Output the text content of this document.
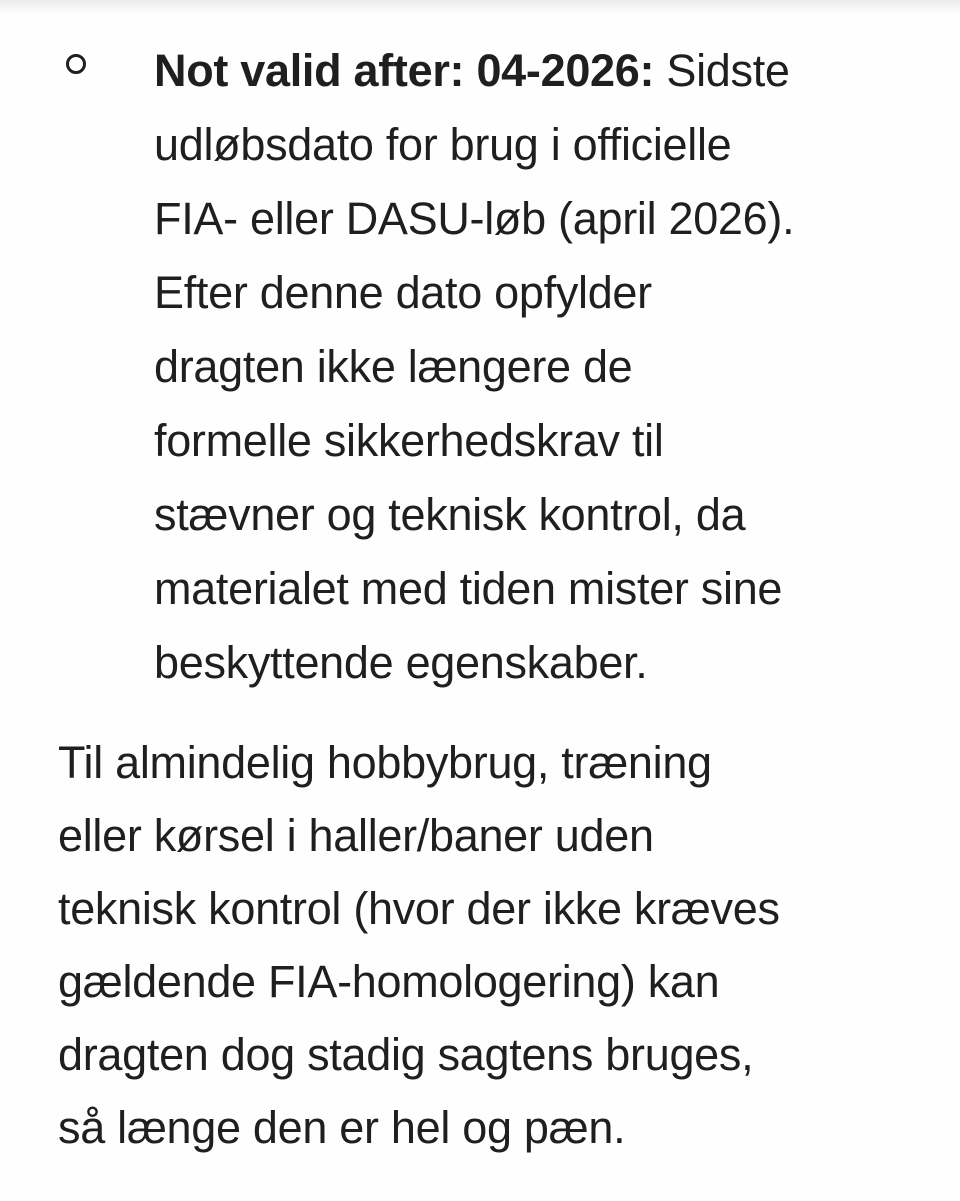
Not valid after: 04-2026: Sidste
udløbsdato for brug i officielle
FIA- eller DASU-løb (april 2026).
Efter denne dato opfylder
dragten ikke længere de
formelle sikkerhedskrav til
stævner og teknisk kontrol, da
materialet med tiden mister sine
beskyttende egenskaber.
Til almindelig hobbybrug, træning
eller kørsel i haller/baner uden
teknisk kontrol (hvor der ikke kræves
gældende FIA-homologering) kan
dragten dog stadig sagtens bruges,
så længe den er hel og pæn.
